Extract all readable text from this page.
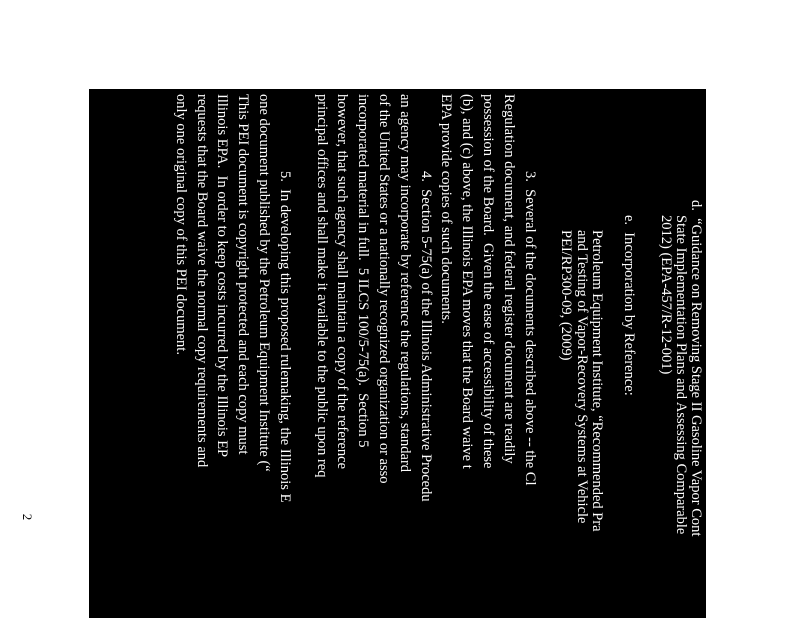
2	d.  “Guidance on Removing Stage II Gasoline Vapor Cont
State Implementation Plans and Assessing Comparable
2012) (EPA-457/R-12-001)
e.  Incorporation by Reference:
Petroleum Equipment Institute, “Recommended Pra
and Testing of Vapor-Recovery Systems at Vehicle
PEI/RP300-09, (2009)
3.  Several of the documents described above -- the Cl
Regulation document, and federal register document are readily
possession of the Board.  Given the ease of accessibility of these
(b), and (c) above, the Illinois EPA moves that the Board waive t
EPA provide copies of such documents.
4.  Section 5-75(a) of the Illinois Administrative Procedu
an agency may incorporate by reference the regulations, standard
of the United States or a nationally recognized organization or asso
incorporated material in full.  5 ILCS 100/5-75(a).  Section 5
however, that such agency shall maintain a copy of the reference
principal offices and shall make it available to the public upon req
5.  In developing this proposed rulemaking, the Illinois E
one document published by the Petroleum Equipment Institute (“
This PEI document is copyright protected and each copy must
Illinois EPA.  In order to keep costs incurred by the Illinois EP
requests that the Board waive the normal copy requirements and
only one original copy of this PEI document.
